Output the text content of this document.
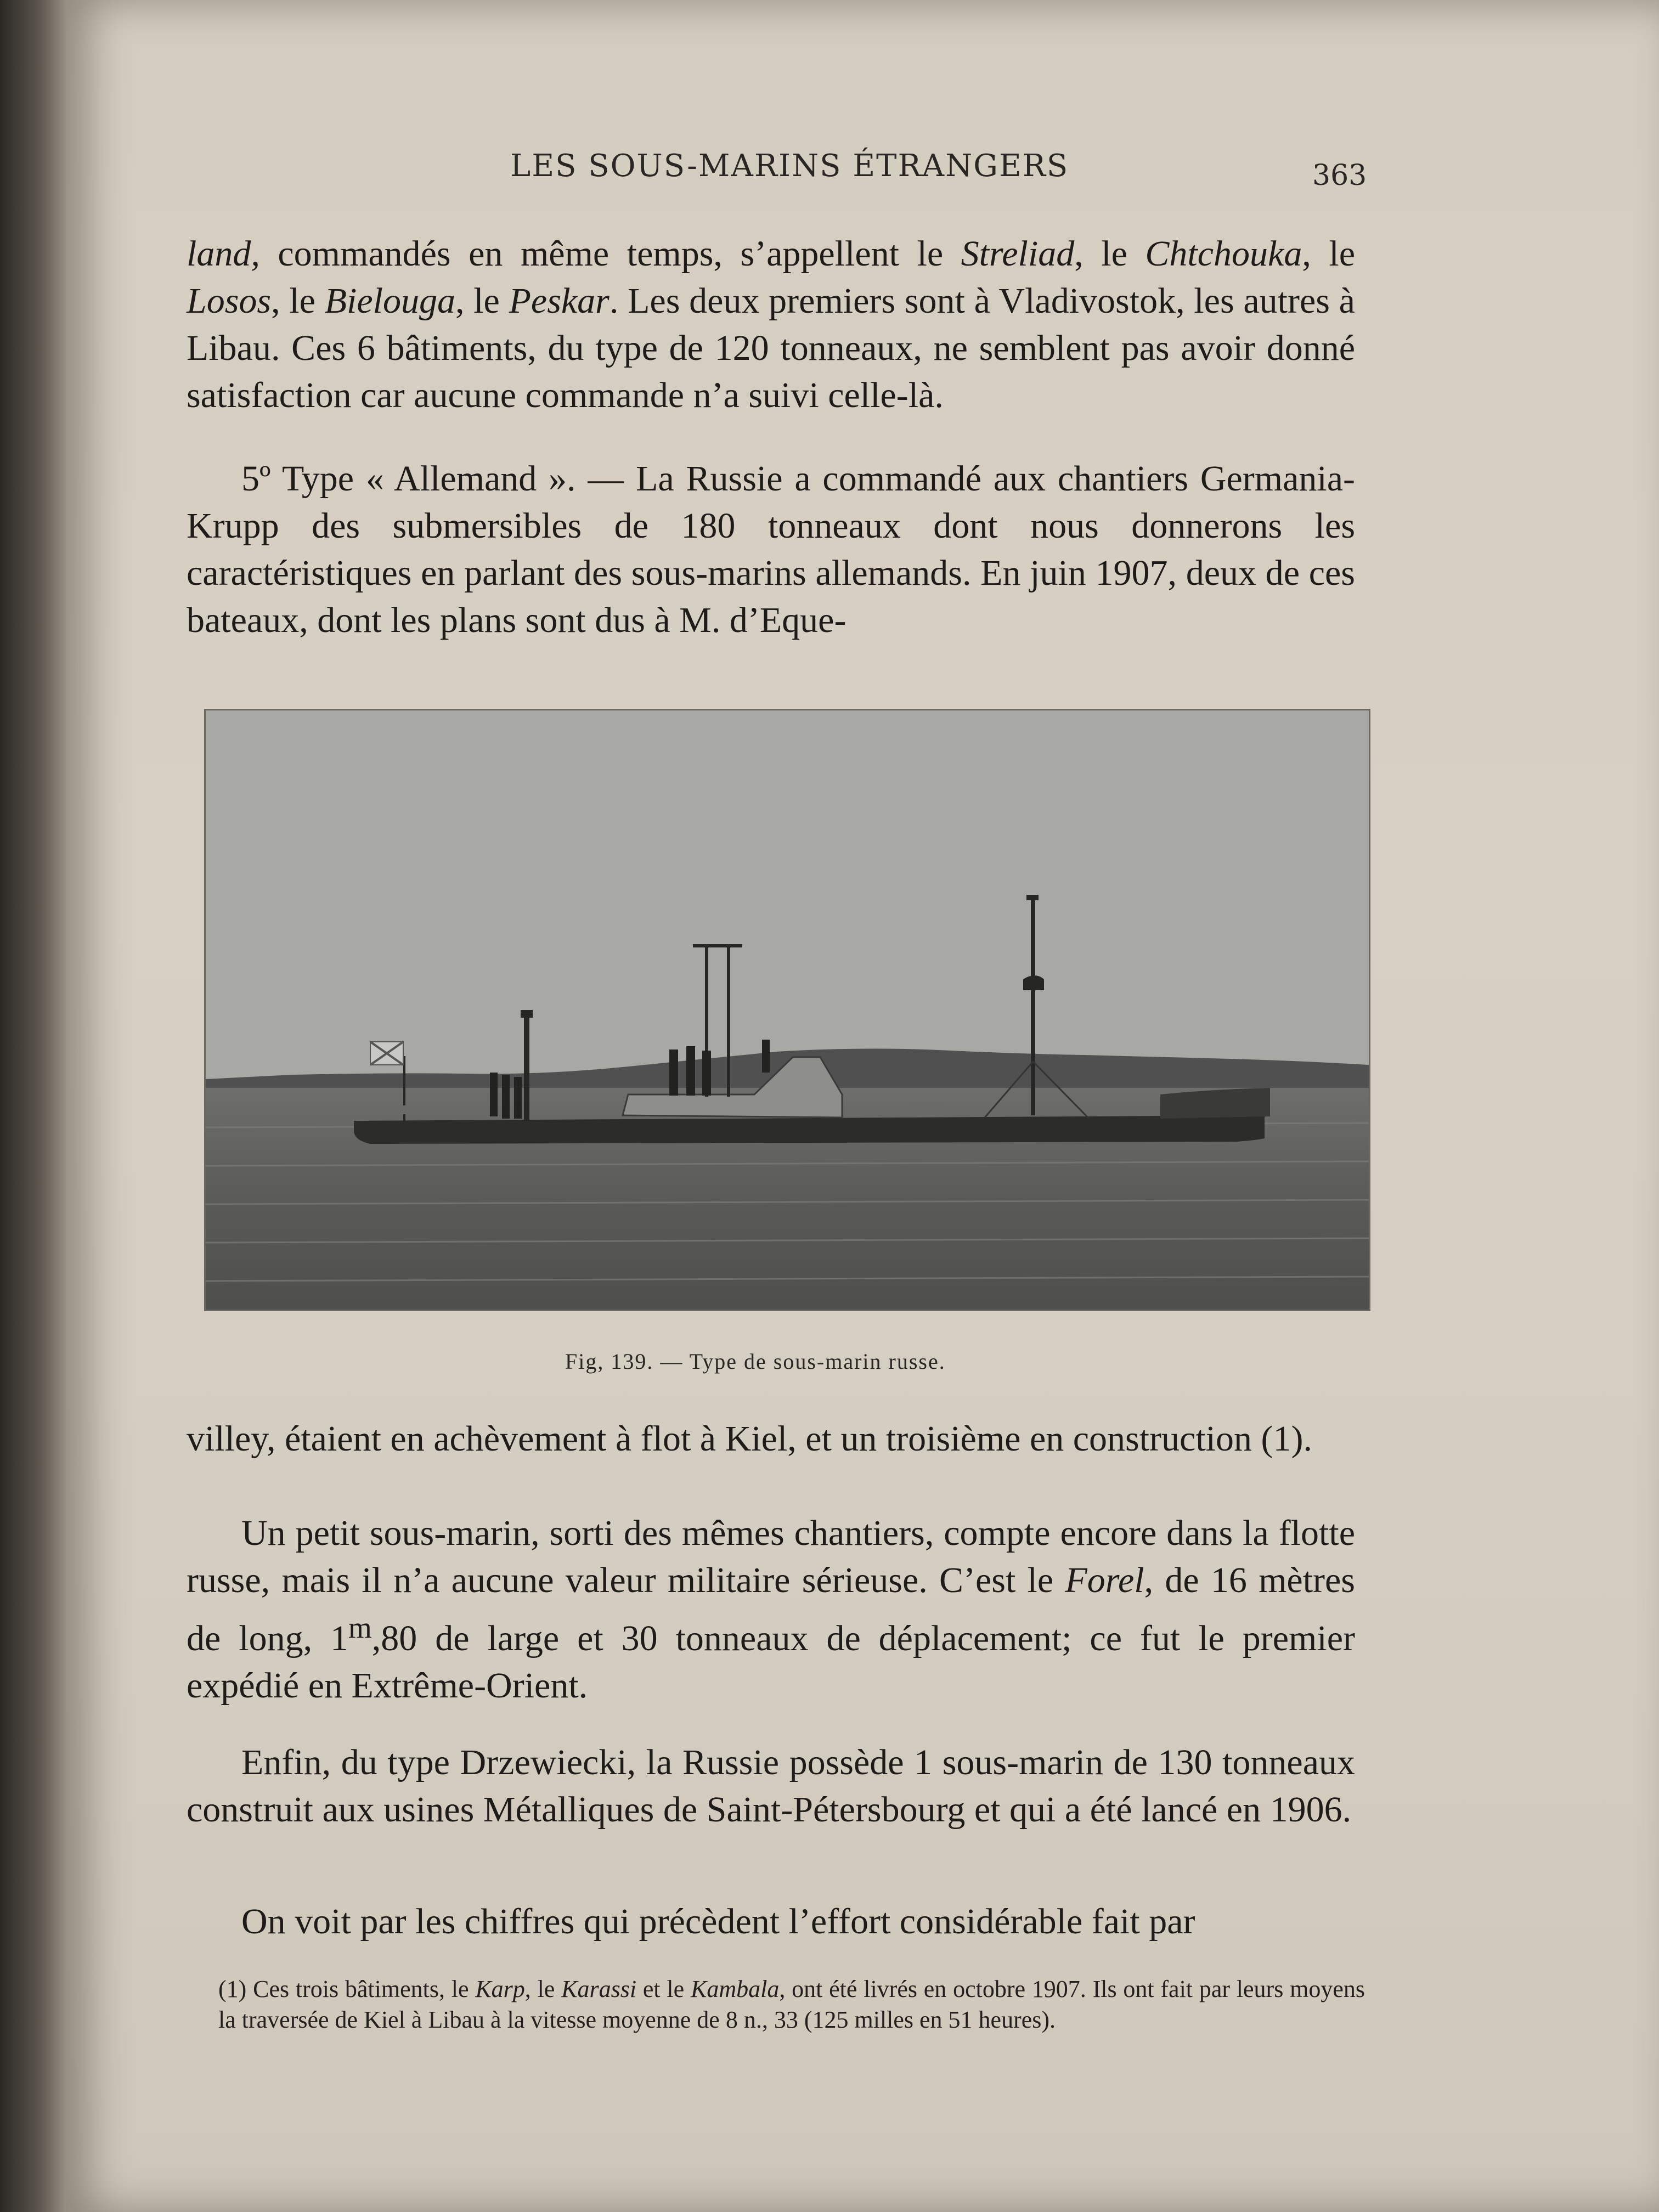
LES SOUS-MARINS ÉTRANGERS	363

land, commandés en même temps, s’appellent le Streliad, le Chtchouka, le Losos, le Bielouga, le Peskar. Les deux premiers sont à Vladivostok, les autres à Libau. Ces 6 bâtiments, du type de 120 tonneaux, ne semblent pas avoir donné satisfaction car aucune commande n’a suivi celle-là.

5º Type « Allemand ». — La Russie a commandé aux chantiers Germania-Krupp des submersibles de 180 tonneaux dont nous donnerons les caractéristiques en parlant des sous-marins allemands. En juin 1907, deux de ces bateaux, dont les plans sont dus à M. d’Eque-

Fig, 139. — Type de sous-marin russe.

villey, étaient en achèvement à flot à Kiel, et un troisième en construction (1).

Un petit sous-marin, sorti des mêmes chantiers, compte encore dans la flotte russe, mais il n’a aucune valeur militaire sérieuse. C’est le Forel, de 16 mètres de long, 1$^m$,80 de large et 30 tonneaux de déplacement; ce fut le premier expédié en Extrême-Orient.

Enfin, du type Drzewiecki, la Russie possède 1 sous-marin de 130 tonneaux construit aux usines Métalliques de Saint-Pétersbourg et qui a été lancé en 1906.

On voit par les chiffres qui précèdent l’effort considérable fait par

(1) Ces trois bâtiments, le Karp, le Karassi et le Kambala, ont été livrés en octobre 1907. Ils ont fait par leurs moyens la traversée de Kiel à Libau à la vitesse moyenne de 8 n., 33 (125 milles en 51 heures).
